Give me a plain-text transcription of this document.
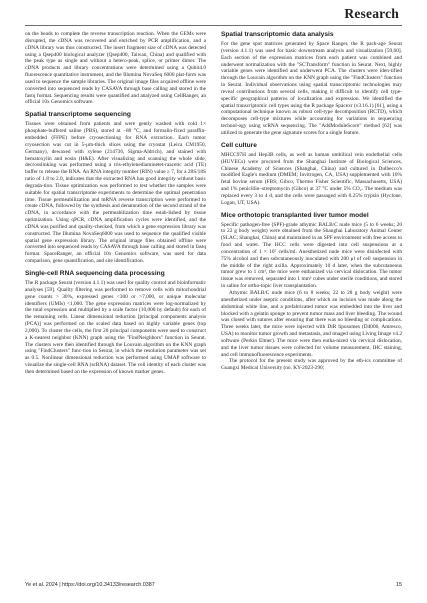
Research

on the beads to complete the reverse transcription reaction. When the GEMs were disrupted, the cDNA was recovered and enriched by PCR amplification, and a cDNA library was thus constructed. The insert fragment size of cDNA was detected using a Qsep400 biological analyzer (Qsep400, Taiwan, China) and qualified with the peak type as single and without a hetero-peak, splice, or primer dimer. The cDNA products and library concentrations were determined using a Qubit4.0 fluorescence quantitative instrument, and the Illumina NovaSeq 6000 plat-form was used to sequence the sample libraries. The original image files acquired offline were converted into sequenced reads by CASAVA through base calling and stored in the fastq format. Sequencing results were quantified and analyzed using CellRanger, an official 10x Genomics software.

Spatial transcriptome sequencing

Tissues were obtained from patients and were gently washed with cold 1× phosphate-buffered saline (PBS), stored at −80 °C, and formalin-fixed paraffin-embedded (FFPE) before cryosectioning for RNA extraction. Each tumor cryosection was cut in 5-μm-thick slices using the cryostat (Leica CM1950, Germany), dewaxed with xylene (214736, Sigma-Aldrich), and stained with hematoxylin and eosin (H&E). After visualizing and scanning the whole slide, decrosslinking was performed using a tris-ethylenediaminetet-raacetic acid (TE) buffer to release the RNA. An RNA integrity number (RIN) value ≥ 7, for a 28S/18S ratio of 1.8 to 2.0, indicates that the extracted RNA has good integrity without basic degrada-tion. Tissue optimization was performed to test whether the samples were suitable for spatial transcriptome experiments to determine the optimal penetration time. Tissue permeabilization and mRNA reverse transcription were performed to create cDNA, followed by the synthesis and denaturation of the second strand of the cDNA, in accordance with the permeabilization time estab-lished by tissue optimization. Using qPCR, cDNA amplification cycles were identified, and the cDNA was purified and quality-checked, from which a gene expression library was constructed. The Illumina NovaSeq6000 was used to sequence the qualified visible spatial gene expression library. The original image files obtained offline were converted into sequenced reads by CASAVA through base calling and stored in fastq format. SpaceRanger, an official 10x Genomics software, was used for data comparison, gene quantification, and site identification.

Single-cell RNA sequencing data processing

The R package Seurat (version 4.1.1) was used for quality control and bioinformatic analyses [59]. Quality filtering was performed to remove cells with mitochondrial gene counts > 30%, expressed genes <300 or >7,000, or unique molecular identifiers (UMIs) <1,000. The gene expression matrices were log-normalized by the total expression and multiplied by a scale factor (10,000 by default) for each of the remaining cells. Linear dimensional reduction [principal components analysis (PCA)] was performed on the scaled data based on highly variable genes (top 2,000). To cluster the cells, the first 20 principal components were used to construct a K-nearest neighbor (KNN) graph using the "FindNeighbors" function in Seurat. The clusters were then identified through the Louvain algorithm on the KNN graph using "FindClusters" func-tion in Seurat, in which the resolution parameter was set as 0.5. Nonlinear dimensional reduction was performed using UMAP software to visualize the single-cell RNA (scRNA) dataset. The cell identity of each cluster was then determined based on the expression of known marker genes.

Spatial transcriptomic data analysis

For the gene spot matrices generated by Space Ranger, the R pack-age Seurat (version 4.1.1) was used for basic downstream analysis and visualization [59,60]. Each section of the expression matrices from each patient was combined and underwent normalization with the "SCTransform" function in Seurat. Next, highly variable genes were identified and underwent PCA. The clusters were iden-tified through the Louvain algorithm on the KNN graph using the "FindClusters" function in Seurat. Individual observations using spatial transcriptomic technologies may reveal contributions from several cells, making it difficult to identify cell type-specific geographical patterns of localization and expression. We identified the spatial transcriptomic cell types using the R package Spacexr (v3.16.1) [61], using a computational technique known as robust cell-type decomposition (RCTD), which decomposes cell-type mixtures while accounting for variations in sequencing technol-ogy using scRNA sequencing. The "AddModuleScore" method [62] was utilized to generate the gene signature scores for a single feature.

Cell culture

MHCC97H and Hep3B cells, as well as human umbilical vein endothelial cells (HUVECs) were procured from the Shanghai Institute of Biological Sciences, Chinese Academy of Sciences (Shanghai, China) and cultured in Dulbecco's modified Eagle's medium (DMEM; Invitrogen, CA, USA) supplemented with 10% fetal bovine serum (FBS; Gibco, Thermo Fisher Scientific, Massachusetts, USA) and 1% penicillin–streptomycin (Gibco) at 37 °C under 5% CO₂. The medium was replaced every 3 to 4 d, and the cells were passaged with 0.25% trypsin (Hyclone, Logan, UT, USA).

Mice orthotopic transplanted liver tumor model

Specific pathogen-free (SPF)-grade athymic BALB/C nude mice (5 to 6 weeks; 20 to 22 g body weight) were obtained from the Shanghai Laboratory Animal Center (SLAC; Shanghai, China) and maintained in an SPF environment with free access to food and water. The HCC cells were digested into cell suspensions at a concentration of 1 × 10⁷ cells/ml. Anesthetized nude mice were disinfected with 75% alcohol and then subcutaneously inoculated with 200 μl of cell suspension in the middle of the right axilla. Approximately 10 d later, when the subcutaneous tumor grew to 1 cm³, the mice were euthanized via cervical dislocation. The tumor tissue was removed, separated into 1 mm³ cubes under sterile conditions, and stored in saline for ortho-topic liver transplantation.

Athymic BALB/C nude mice (6 to 8 weeks; 22 to 28 g body weight) were anesthetized under aseptic conditions, after which an incision was made along the abdominal white line, and a prefabricated tumor was embedded into the liver and blocked with a gelatin sponge to prevent tumor mass and liver bleeding. The wound was closed with sutures after ensuring that there was no bleeding or complications. Three weeks later, the mice were injected with DiR liposomes (D4006, Amresco, USA) to monitor tumor growth and metastasis, and imaged using Living Image v4.2 software (Perkin Elmer). The mice were then eutha-nized via cervical dislocation, and the liver tumor tissues were collected for volume measurement, IHC staining, and cell immunofluorescence experiments.

The protocol for the present study was approved by the eth-ics committee of Guangxi Medical University (no. KY-2023-290;

Ye et al. 2024 | https://doi.org/10.34133/research.0387	15
